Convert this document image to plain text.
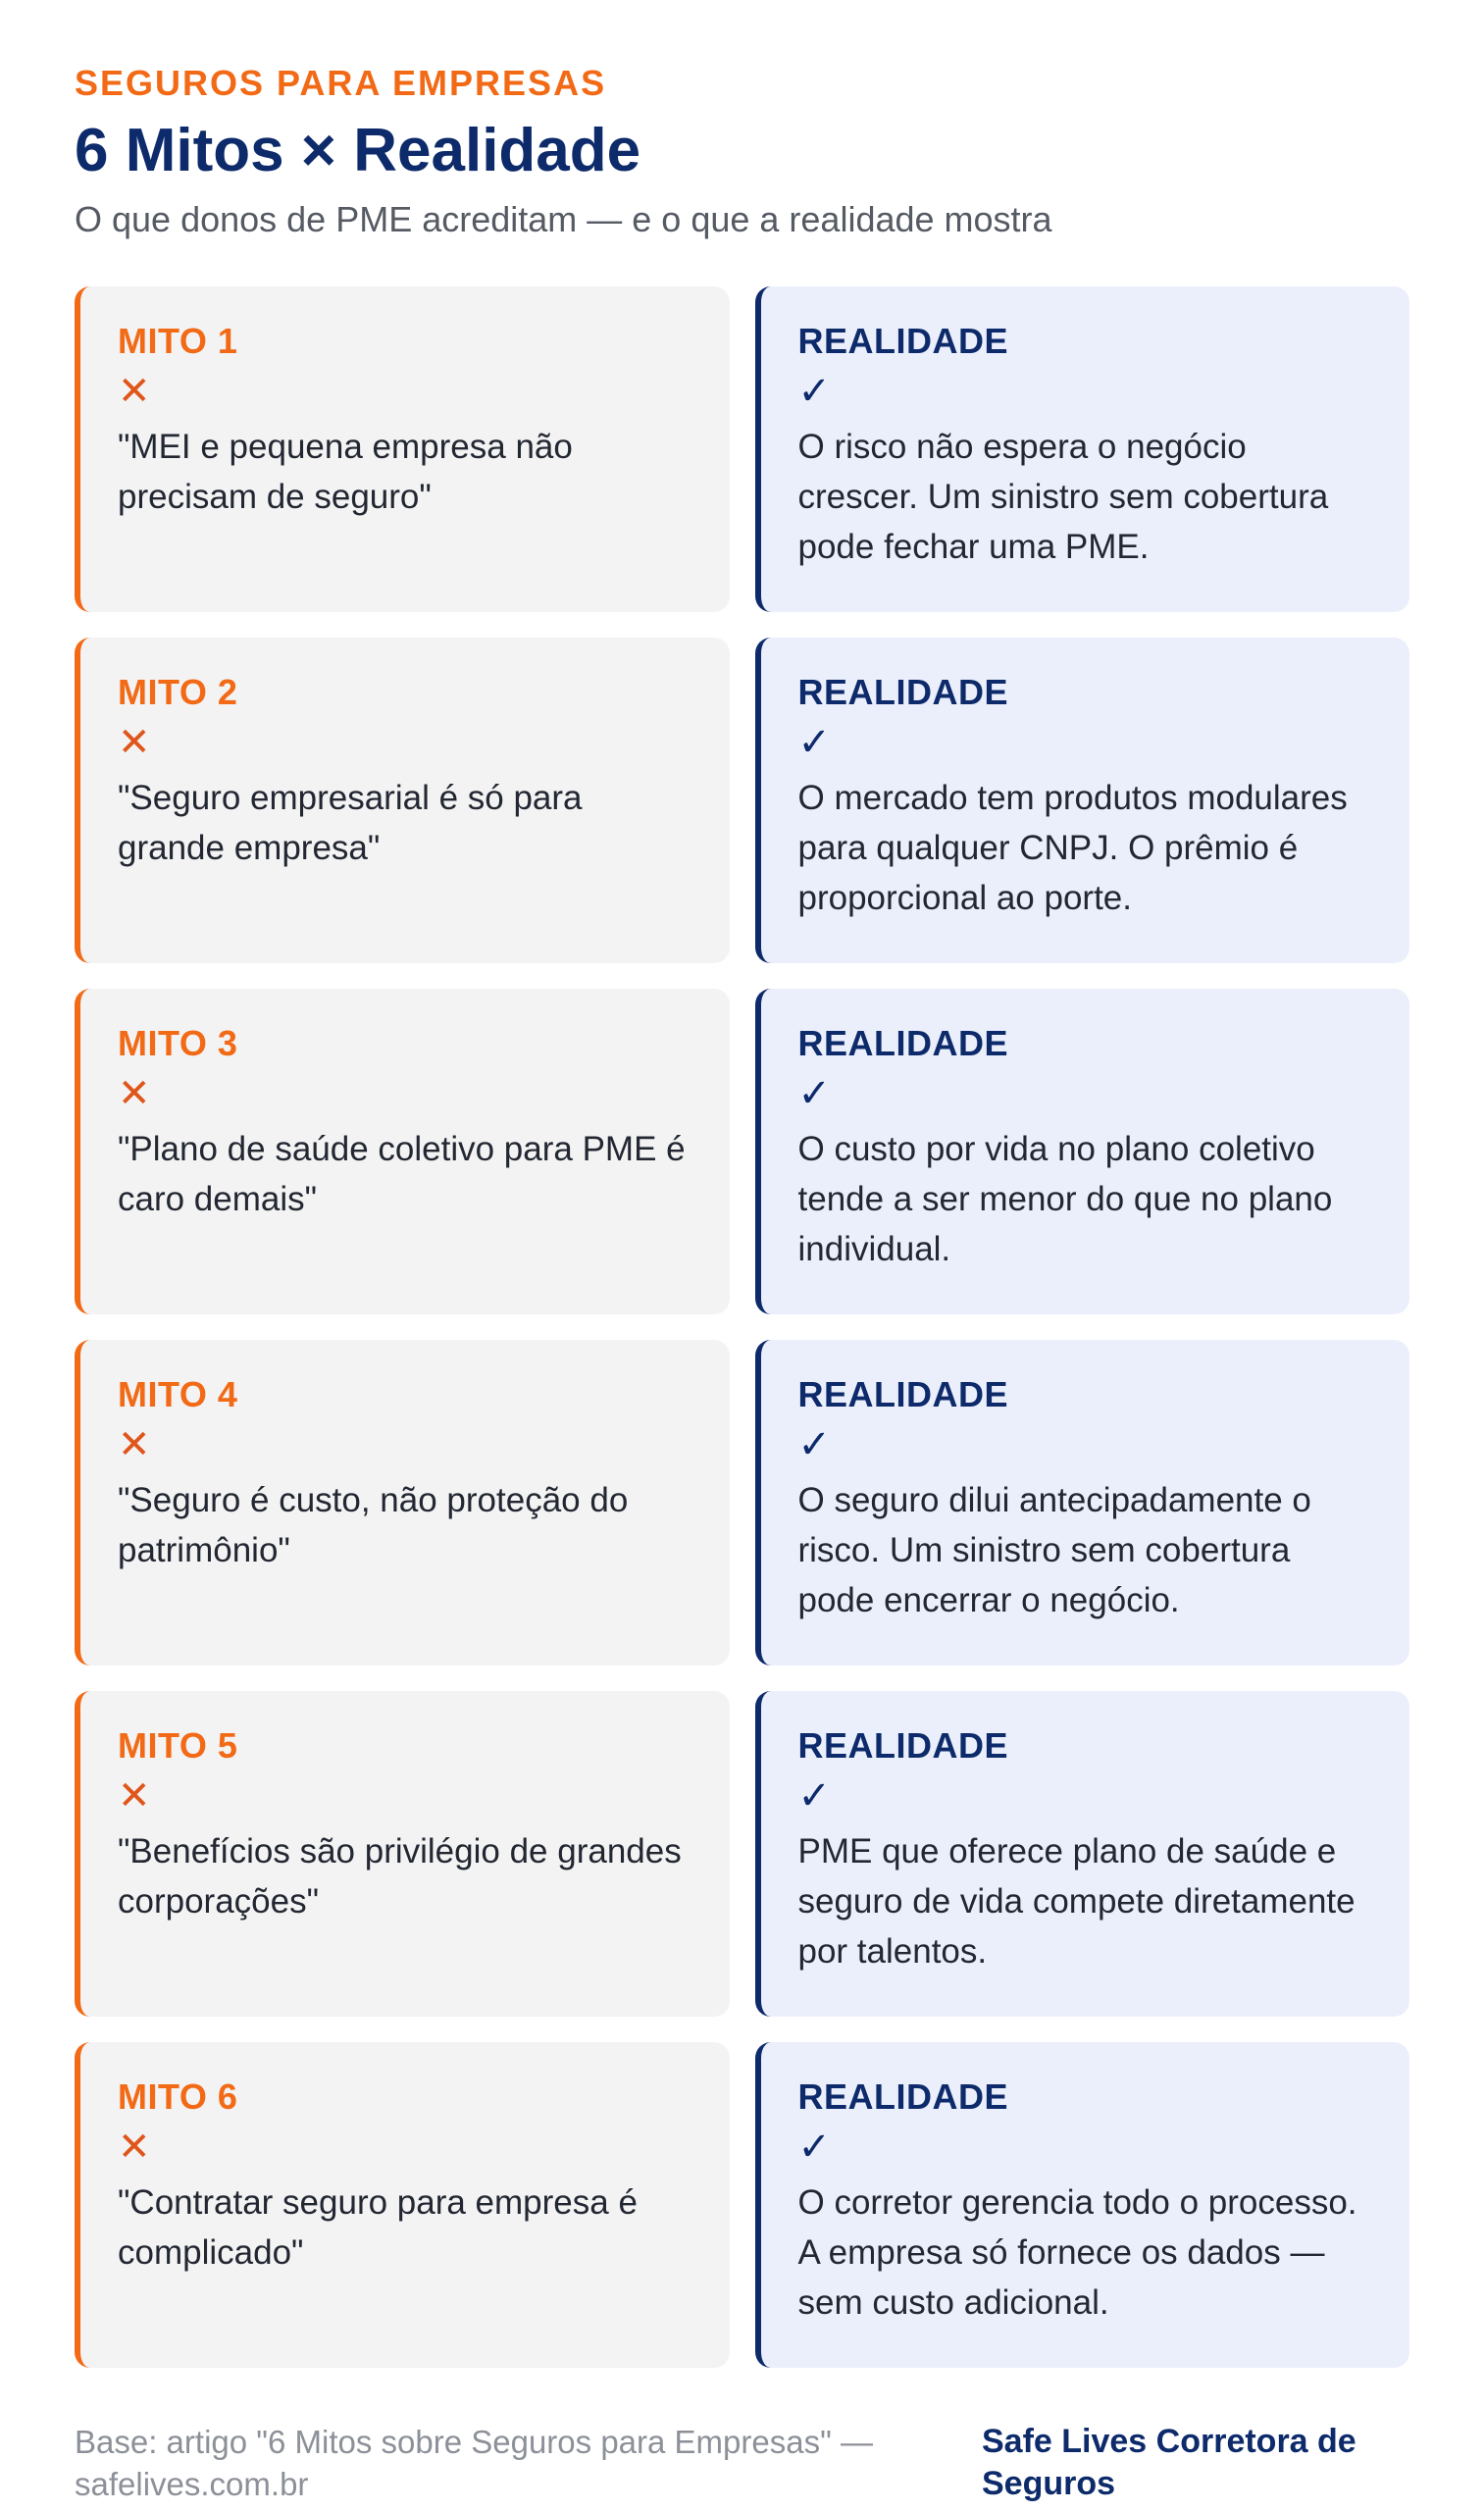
SEGUROS PARA EMPRESAS
6 Mitos × Realidade
O que donos de PME acreditam — e o que a realidade mostra
MITO 1
✕
"MEI e pequena empresa não precisam de seguro"
REALIDADE
✓
O risco não espera o negócio crescer. Um sinistro sem cobertura pode fechar uma PME.
MITO 2
✕
"Seguro empresarial é só para grande empresa"
REALIDADE
✓
O mercado tem produtos modulares para qualquer CNPJ. O prêmio é proporcional ao porte.
MITO 3
✕
"Plano de saúde coletivo para PME é caro demais"
REALIDADE
✓
O custo por vida no plano coletivo tende a ser menor do que no plano individual.
MITO 4
✕
"Seguro é custo, não proteção do patrimônio"
REALIDADE
✓
O seguro dilui antecipadamente o risco. Um sinistro sem cobertura pode encerrar o negócio.
MITO 5
✕
"Benefícios são privilégio de grandes corporações"
REALIDADE
✓
PME que oferece plano de saúde e seguro de vida compete diretamente por talentos.
MITO 6
✕
"Contratar seguro para empresa é complicado"
REALIDADE
✓
O corretor gerencia todo o processo. A empresa só fornece os dados — sem custo adicional.
Base: artigo "6 Mitos sobre Seguros para Empresas" — safelives.com.br
Safe Lives Corretora de Seguros
